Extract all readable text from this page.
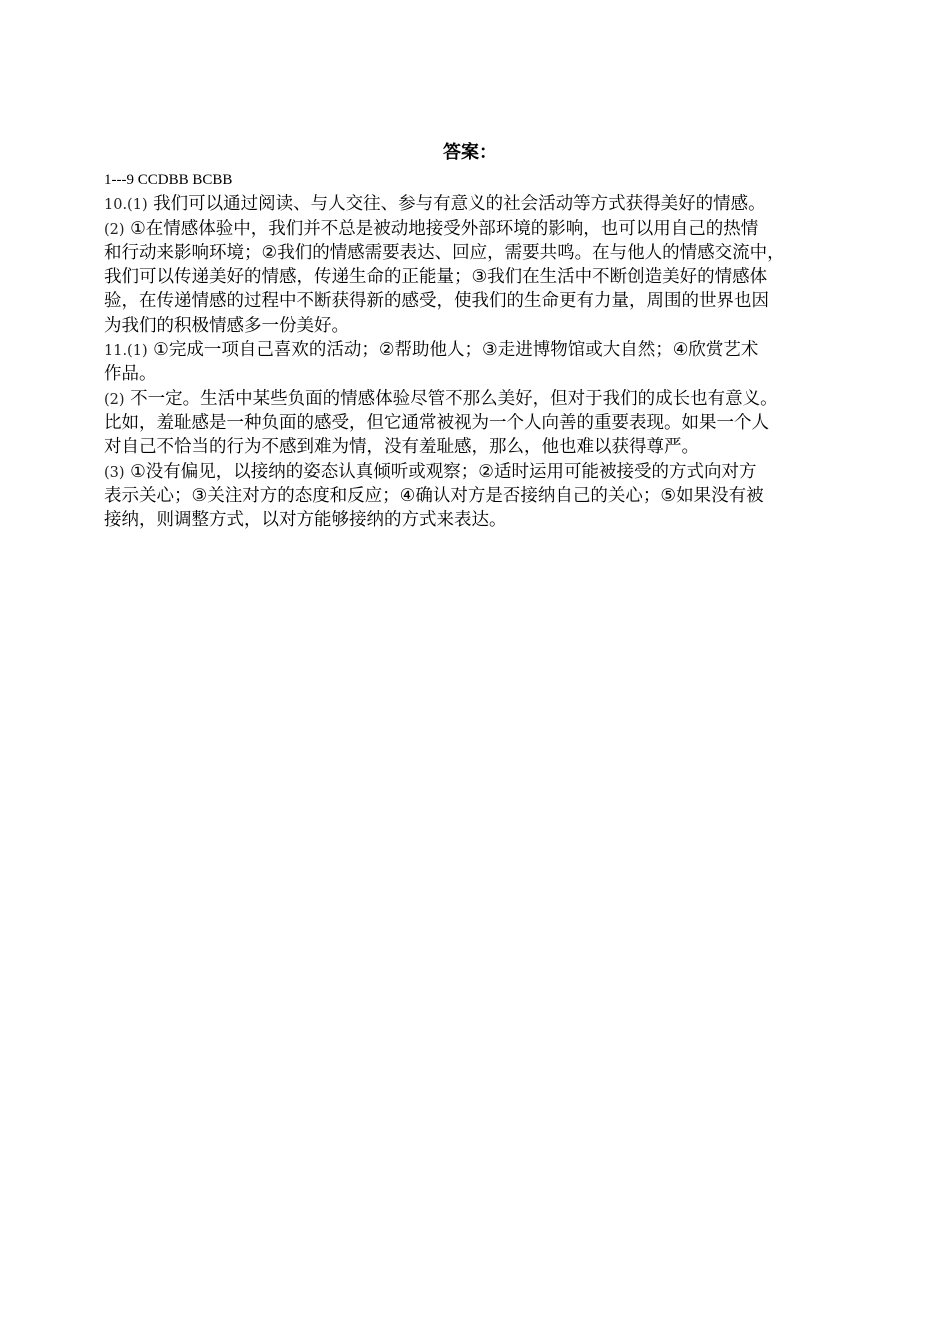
答案：
1---9 CCDBB BCBB
10.(1) 我们可以通过阅读、与人交往、参与有意义的社会活动等方式获得美好的情感。
(2) ①在情感体验中，我们并不总是被动地接受外部环境的影响，也可以用自己的热情
和行动来影响环境；②我们的情感需要表达、回应，需要共鸣。在与他人的情感交流中，
我们可以传递美好的情感，传递生命的正能量；③我们在生活中不断创造美好的情感体
验，在传递情感的过程中不断获得新的感受，使我们的生命更有力量，周围的世界也因
为我们的积极情感多一份美好。
11.(1) ①完成一项自己喜欢的活动；②帮助他人；③走进博物馆或大自然；④欣赏艺术
作品。
(2) 不一定。生活中某些负面的情感体验尽管不那么美好，但对于我们的成长也有意义。
比如，羞耻感是一种负面的感受，但它通常被视为一个人向善的重要表现。如果一个人
对自己不恰当的行为不感到难为情，没有羞耻感，那么，他也难以获得尊严。
(3) ①没有偏见，以接纳的姿态认真倾听或观察；②适时运用可能被接受的方式向对方
表示关心；③关注对方的态度和反应；④确认对方是否接纳自己的关心；⑤如果没有被
接纳，则调整方式，以对方能够接纳的方式来表达。
